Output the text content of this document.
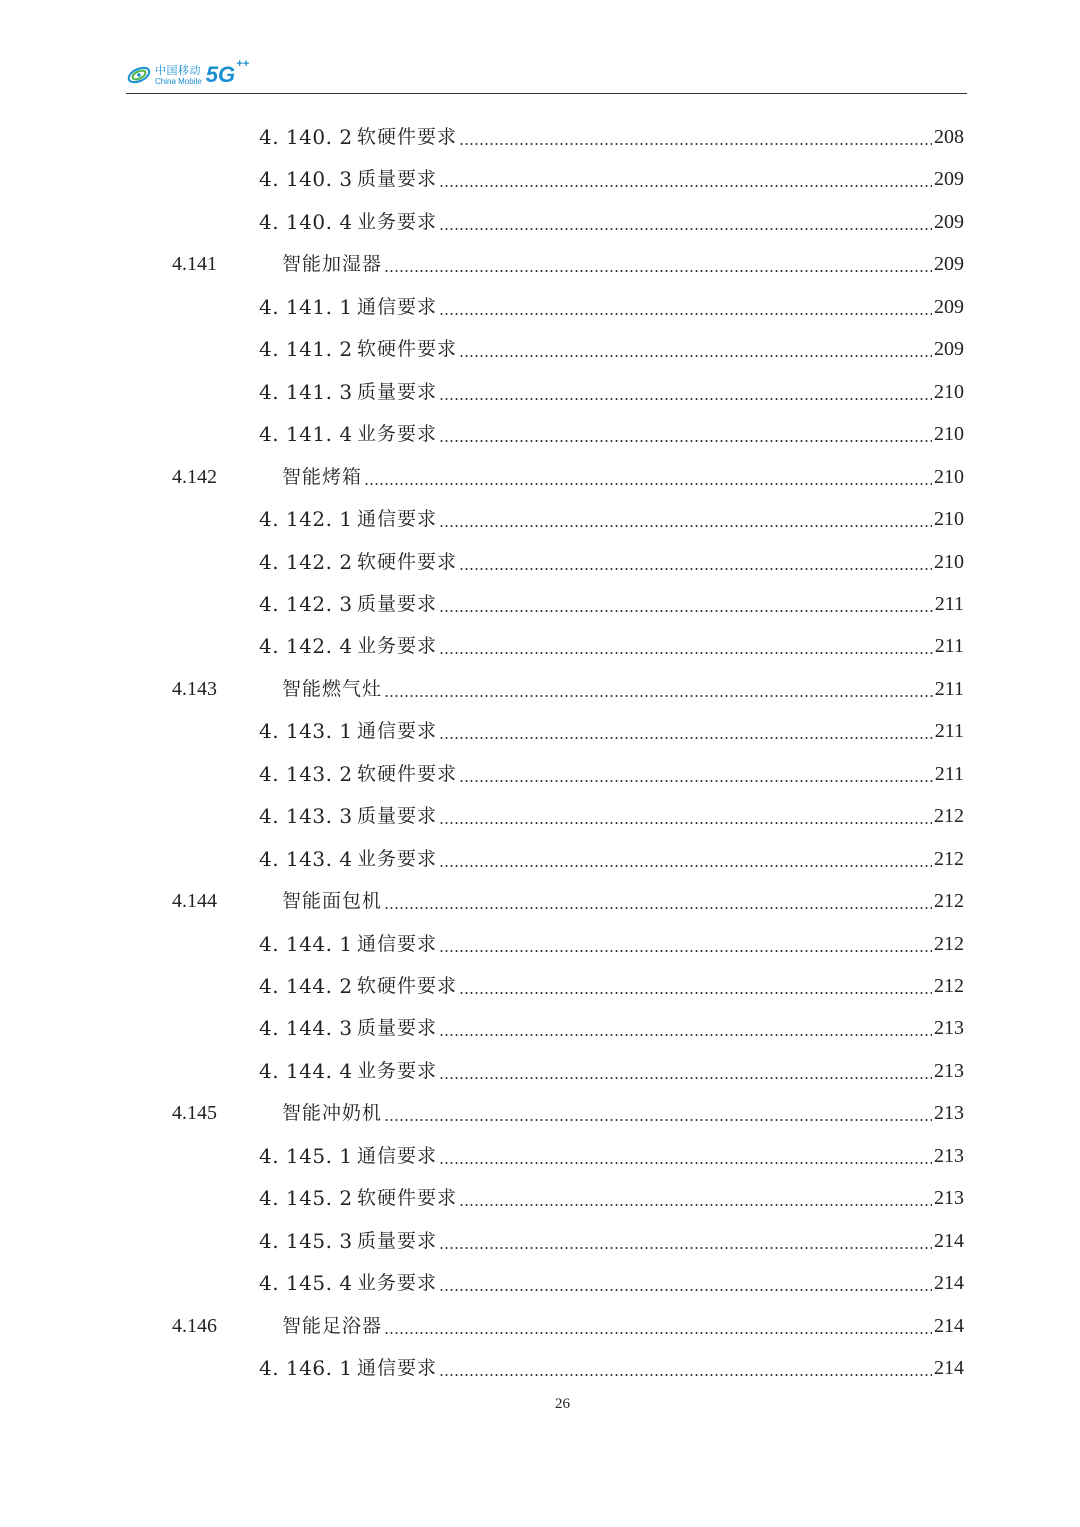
中国移动
China Mobile 5G ++
4. 140. 2 软硬件要求	208
4. 140. 3 质量要求	209
4. 140. 4 业务要求	209
4.141	智能加湿器	209
4. 141. 1 通信要求	209
4. 141. 2 软硬件要求	209
4. 141. 3 质量要求	210
4. 141. 4 业务要求	210
4.142	智能烤箱	210
4. 142. 1 通信要求	210
4. 142. 2 软硬件要求	210
4. 142. 3 质量要求	211
4. 142. 4 业务要求	211
4.143	智能燃气灶	211
4. 143. 1 通信要求	211
4. 143. 2 软硬件要求	211
4. 143. 3 质量要求	212
4. 143. 4 业务要求	212
4.144	智能面包机	212
4. 144. 1 通信要求	212
4. 144. 2 软硬件要求	212
4. 144. 3 质量要求	213
4. 144. 4 业务要求	213
4.145	智能冲奶机	213
4. 145. 1 通信要求	213
4. 145. 2 软硬件要求	213
4. 145. 3 质量要求	214
4. 145. 4 业务要求	214
4.146	智能足浴器	214
4. 146. 1 通信要求	214
26
